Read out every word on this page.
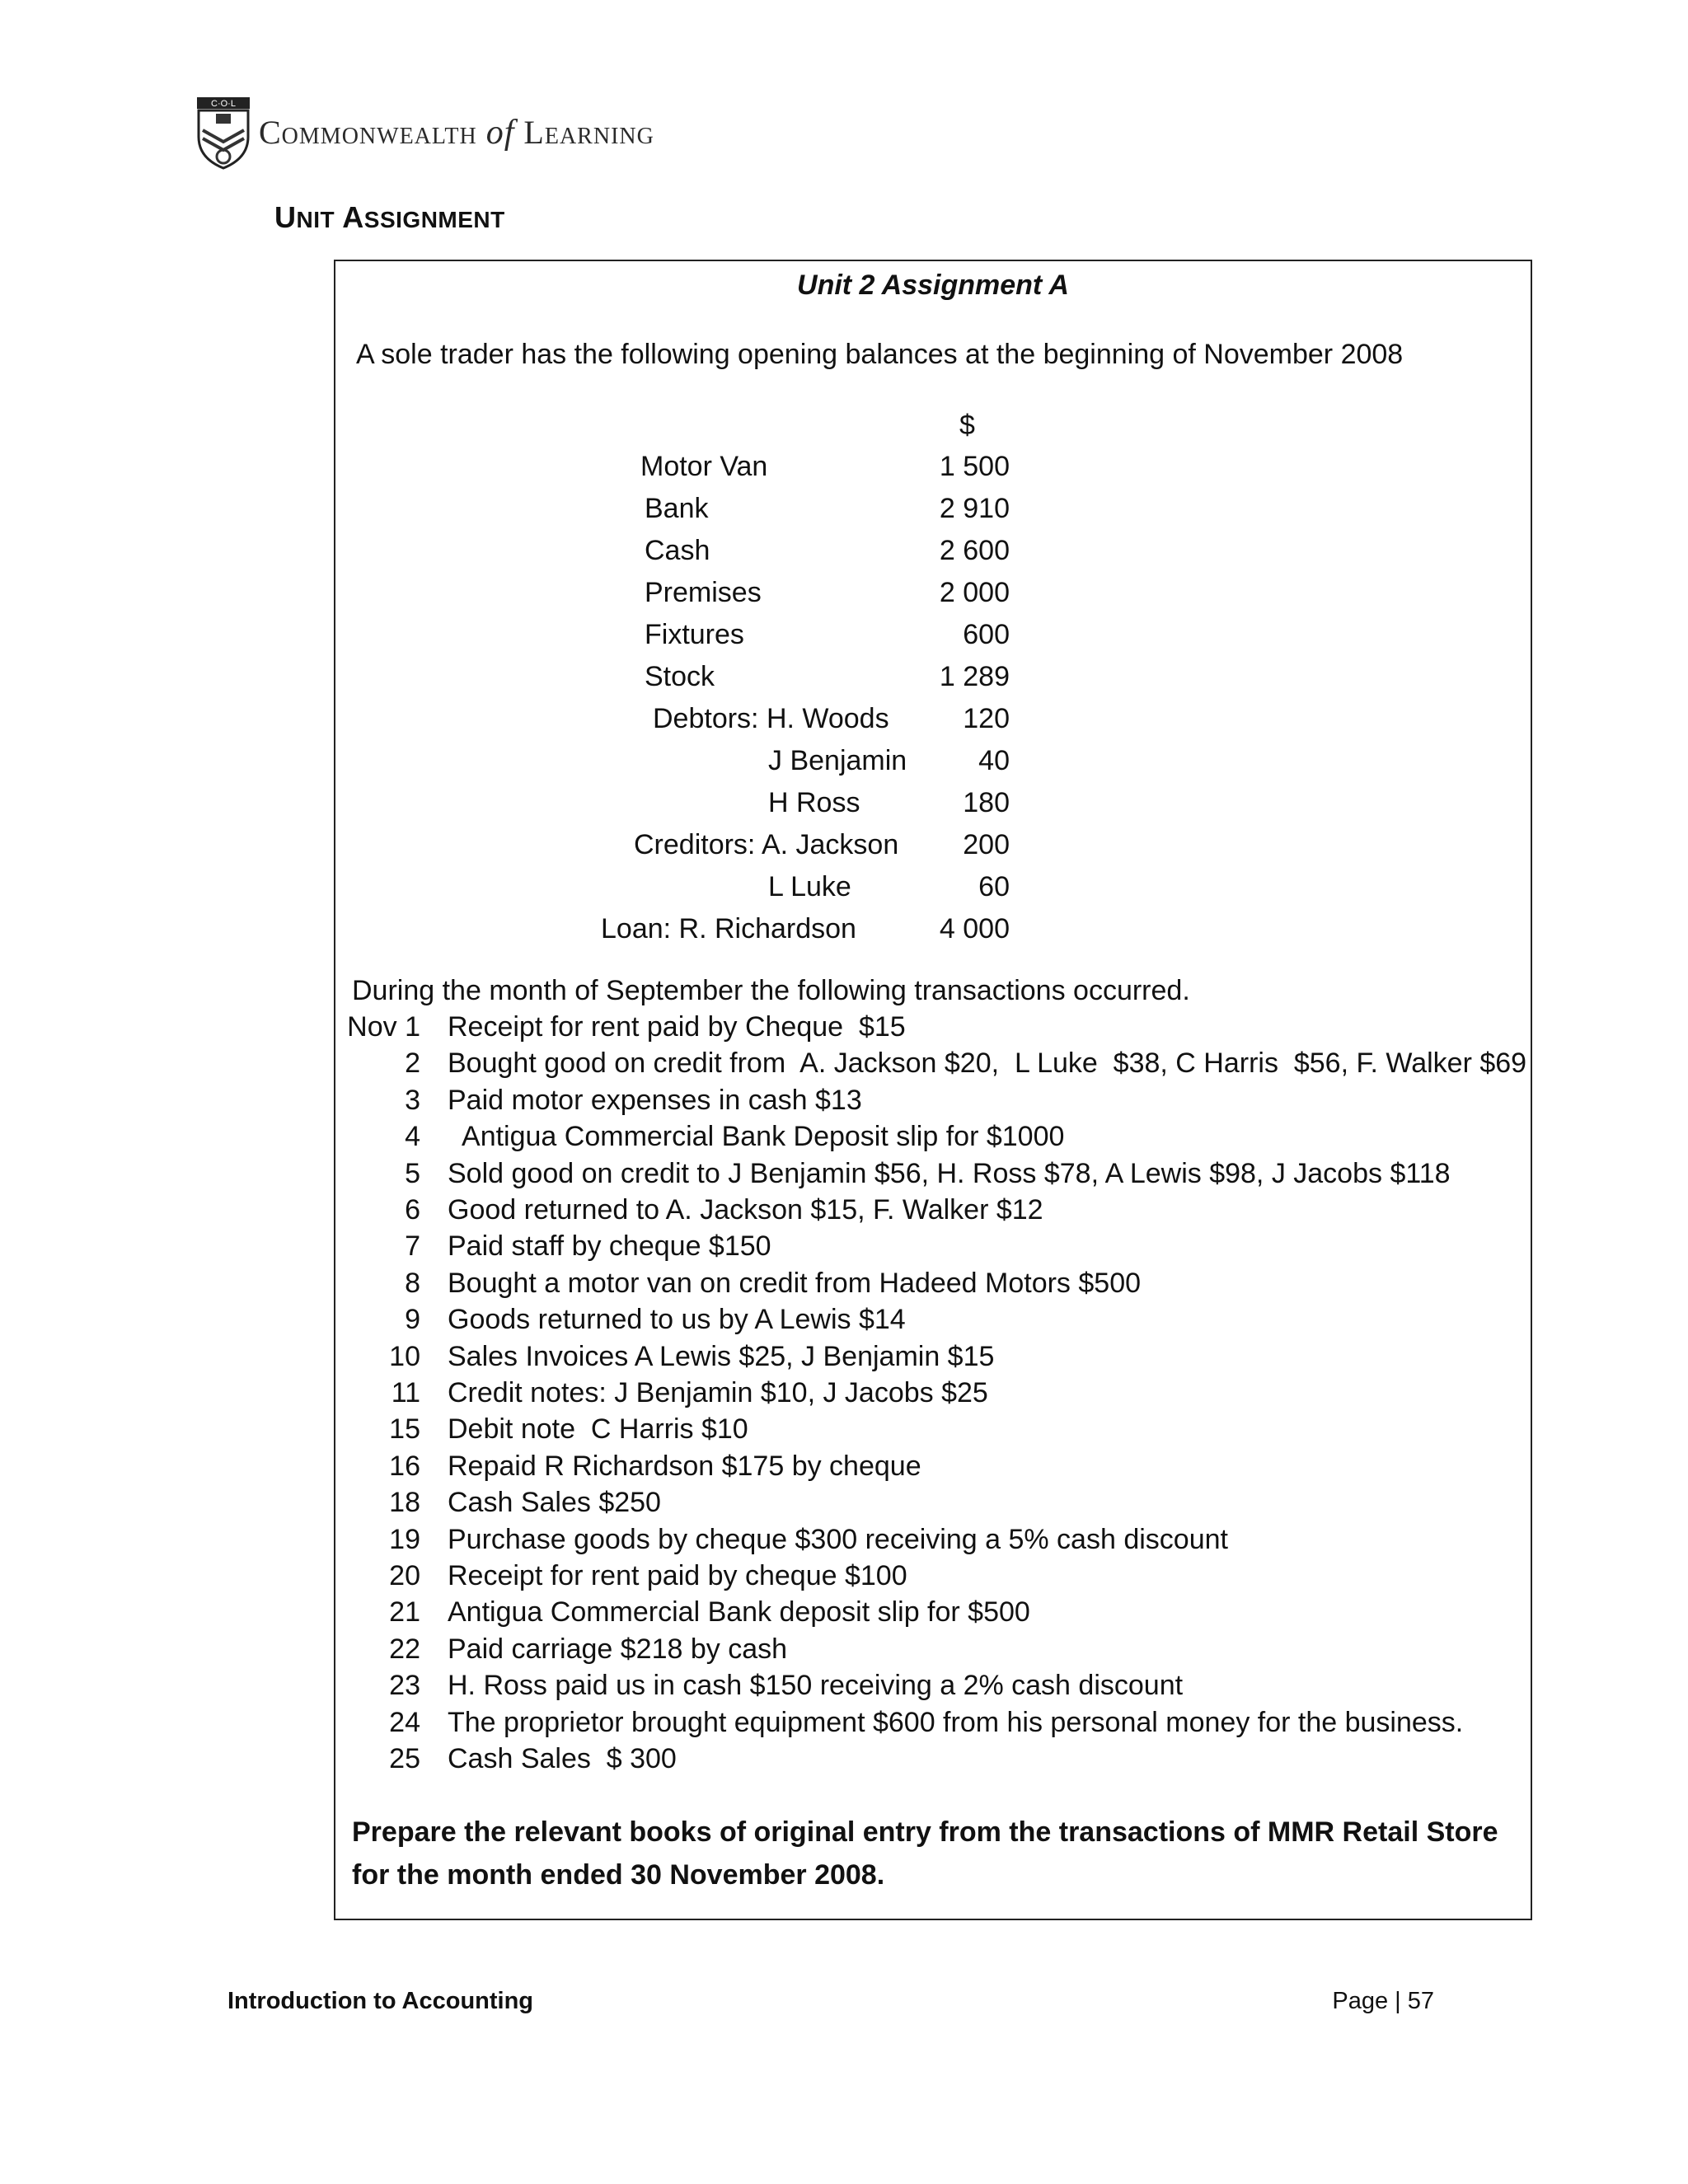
C·O·L
Commonwealth of Learning
UNIT ASSIGNMENT
Unit 2 Assignment A
A sole trader has the following opening balances at the beginning of November 2008
$
Motor Van	1 500
Bank	2 910
Cash	2 600
Premises	2 000
Fixtures	600
Stock	1 289
Debtors: H. Woods	120
J Benjamin	40
H Ross	180
Creditors: A. Jackson	200
L Luke	60
Loan: R. Richardson	4 000
During the month of September the following transactions occurred.
Nov 1 Receipt for rent paid by Cheque  $15
2 Bought good on credit from  A. Jackson $20,  L Luke  $38, C Harris  $56, F. Walker $69
3 Paid motor expenses in cash $13
4 Antigua Commercial Bank Deposit slip for $1000
5 Sold good on credit to J Benjamin $56, H. Ross $78, A Lewis $98, J Jacobs $118
6 Good returned to A. Jackson $15, F. Walker $12
7 Paid staff by cheque $150
8 Bought a motor van on credit from Hadeed Motors $500
9 Goods returned to us by A Lewis $14
10 Sales Invoices A Lewis $25, J Benjamin $15
11 Credit notes: J Benjamin $10, J Jacobs $25
15 Debit note  C Harris $10
16 Repaid R Richardson $175 by cheque
18 Cash Sales $250
19 Purchase goods by cheque $300 receiving a 5% cash discount
20 Receipt for rent paid by cheque $100
21 Antigua Commercial Bank deposit slip for $500
22 Paid carriage $218 by cash
23 H. Ross paid us in cash $150 receiving a 2% cash discount
24 The proprietor brought equipment $600 from his personal money for the business.
25 Cash Sales  $ 300
Prepare the relevant books of original entry from the transactions of MMR Retail Store for the month ended 30 November 2008.
Introduction to Accounting	Page | 57
